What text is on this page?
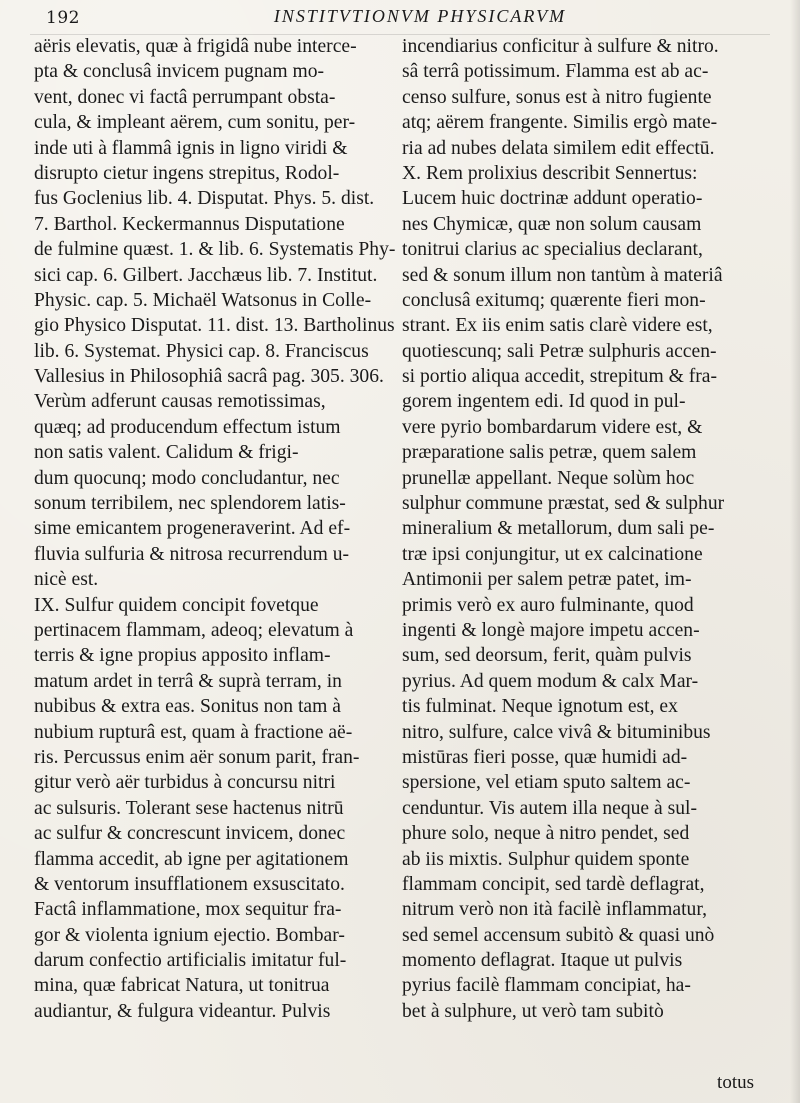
192	INSTITVTIONVM PHYSICARVM
aëris elevatis, quæ à frigidâ nube interce-
pta & conclusâ invicem pugnam mo-
vent, donec vi factâ perrumpant obsta-
cula, & impleant aërem, cum sonitu, per-
inde uti à flammâ ignis in ligno viridi &
disrupto cietur ingens strepitus, Rodol-
fus Goclenius lib. 4. Disputat. Phys. 5. dist.
7. Barthol. Keckermannus Disputatione
de fulmine quæst. 1. & lib. 6. Systematis Phy-
sici cap. 6. Gilbert. Jacchæus lib. 7. Institut.
Physic. cap. 5. Michaël Watsonus in Colle-
gio Physico Disputat. 11. dist. 13. Bartholinus
lib. 6. Systemat. Physici cap. 8. Franciscus
Vallesius in Philosophiâ sacrâ pag. 305. 306.
Verùm adferunt causas remotissimas,
quæq; ad producendum effectum istum
non satis valent. Calidum & frigi-
dum quocunq; modo concludantur, nec
sonum terribilem, nec splendorem latis-
sime emicantem progeneraverint. Ad ef-
fluvia sulfuria & nitrosa recurrendum u-
nicè est.
IX. Sulfur quidem concipit fovetque
pertinacem flammam, adeoq; elevatum à
terris & igne propius apposito inflam-
matum ardet in terrâ & suprà terram, in
nubibus & extra eas. Sonitus non tam à
nubium rupturâ est, quam à fractione aë-
ris. Percussus enim aër sonum parit, fran-
gitur verò aër turbidus à concursu nitri
ac sulsuris. Tolerant sese hactenus nitrū
ac sulfur & concrescunt invicem, donec
flamma accedit, ab igne per agitationem
& ventorum insufflationem exsuscitato.
Factâ inflammatione, mox sequitur fra-
gor & violenta ignium ejectio. Bombar-
darum confectio artificialis imitatur ful-
mina, quæ fabricat Natura, ut tonitrua
audiantur, & fulgura videantur. Pulvis
incendiarius conficitur à sulfure & nitro.
sâ terrâ potissimum. Flamma est ab ac-
censo sulfure, sonus est à nitro fugiente
atq; aërem frangente. Similis ergò mate-
ria ad nubes delata similem edit effectū.
X. Rem prolixius describit Sennertus:
Lucem huic doctrinæ addunt operatio-
nes Chymicæ, quæ non solum causam
tonitrui clarius ac specialius declarant,
sed & sonum illum non tantùm à materiâ
conclusâ exitumq; quærente fieri mon-
strant. Ex iis enim satis clarè videre est,
quotiescunq; sali Petræ sulphuris accen-
si portio aliqua accedit, strepitum & fra-
gorem ingentem edi. Id quod in pul-
vere pyrio bombardarum videre est, &
præparatione salis petræ, quem salem
prunellæ appellant. Neque solùm hoc
sulphur commune præstat, sed & sulphur
mineralium & metallorum, dum sali pe-
træ ipsi conjungitur, ut ex calcinatione
Antimonii per salem petræ patet, im-
primis verò ex auro fulminante, quod
ingenti & longè majore impetu accen-
sum, sed deorsum, ferit, quàm pulvis
pyrius. Ad quem modum & calx Mar-
tis fulminat. Neque ignotum est, ex
nitro, sulfure, calce vivâ & bituminibus
mistūras fieri posse, quæ humidi ad-
spersione, vel etiam sputo saltem ac-
cenduntur. Vis autem illa neque à sul-
phure solo, neque à nitro pendet, sed
ab iis mixtis. Sulphur quidem sponte
flammam concipit, sed tardè deflagrat,
nitrum verò non ità facilè inflammatur,
sed semel accensum subitò & quasi unò
momento deflagrat. Itaque ut pulvis
pyrius facilè flammam concipiat, ha-
bet à sulphure, ut verò tam subitò
totus
